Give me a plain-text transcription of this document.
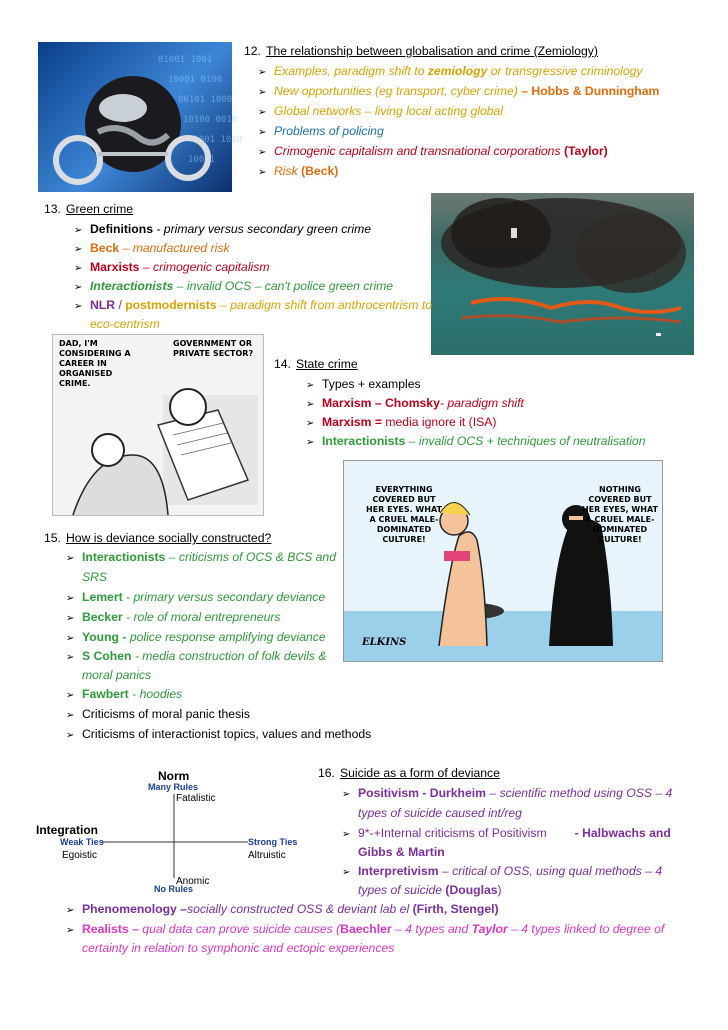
01001 1001
10001 0100
00101 1000
10100 0010
01001 1010
10001
12. The relationship between globalisation and crime (Zemiology)
➢ Examples, paradigm shift to zemiology or transgressive criminology
➢ New opportunities (eg transport, cyber crime) – Hobbs & Dunningham
➢ Global networks – living local acting global
➢ Problems of policing
➢ Crimogenic capitalism and transnational corporations (Taylor)
➢ Risk (Beck)
13. Green crime
➢ Definitions - primary versus secondary green crime
➢ Beck – manufactured risk
➢ Marxists – crimogenic capitalism
➢ Interactionists – invalid OCS – can't police green crime
➢ NLR / postmodernists – paradigm shift from anthrocentrism to
eco-centrism
DAD, I'M CONSIDERING A CAREER IN ORGANISED CRIME.
GOVERNMENT OR PRIVATE SECTOR?
14. State crime
➢ Types + examples
➢ Marxism – Chomsky- paradigm shift
➢ Marxism = media ignore it (ISA)
➢ Interactionists – invalid OCS + techniques of neutralisation
EVERYTHING COVERED BUT HER EYES. WHAT A CRUEL MALE-DOMINATED CULTURE!
NOTHING COVERED BUT HER EYES, WHAT A CRUEL MALE-DOMINATED CULTURE!
ELKINS
15. How is deviance socially constructed?
➢ Interactionists – criticisms of OCS & BCS and
SRS
➢ Lemert - primary versus secondary deviance
➢ Becker - role of moral entrepreneurs
➢ Young - police response amplifying deviance
➢ S Cohen - media construction of folk devils &
moral panics
➢ Fawbert - hoodies
➢ Criticisms of moral panic thesis
➢ Criticisms of interactionist topics, values and methods
Norm
Many Rules
Fatalistic
Integration
Weak Ties	Strong Ties
Egoistic	Altruistic
Anomic
No Rules
16. Suicide as a form of deviance
➢ Positivism - Durkheim – scientific method using OSS – 4
types of suicide caused int/reg
➢ 9*-+Internal criticisms of Positivism - Halbwachs and
Gibbs & Martin
➢ Interpretivism – critical of OSS, using qual methods – 4
types of suicide (Douglas)
➢ Phenomenology –socially constructed OSS & deviant lab el (Firth, Stengel)
➢ Realists – qual data can prove suicide causes (Baechler – 4 types and Taylor – 4 types linked to degree of
certainty in relation to symphonic and ectopic experiences
